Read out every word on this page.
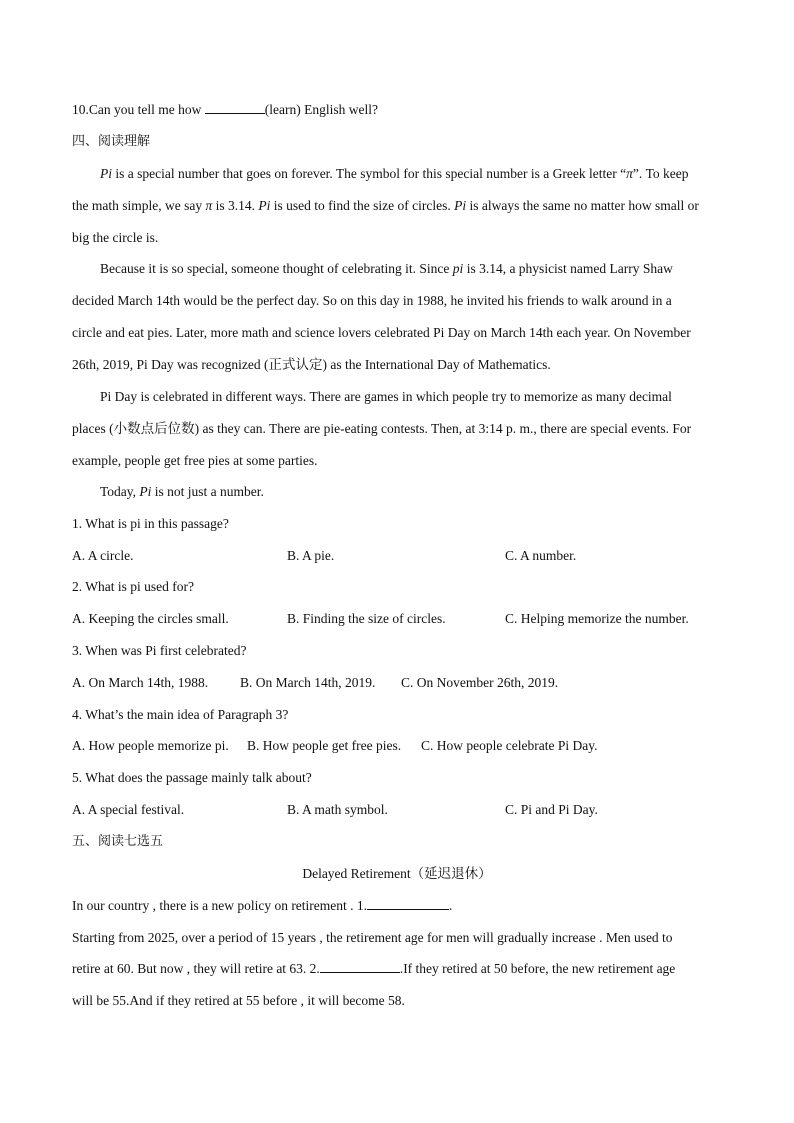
10.Can you tell me how	(learn) English well?
四、阅读理解
Pi is a special number that goes on forever. The symbol for this special number is a Greek letter “π”. To keep
the math simple, we say π is 3.14. Pi is used to find the size of circles. Pi is always the same no matter how small or
big the circle is.
Because it is so special, someone thought of celebrating it. Since pi is 3.14, a physicist named Larry Shaw
decided March 14th would be the perfect day. So on this day in 1988, he invited his friends to walk around in a
circle and eat pies. Later, more math and science lovers celebrated Pi Day on March 14th each year. On November
26th, 2019, Pi Day was recognized (正式认定) as the International Day of Mathematics.
Pi Day is celebrated in different ways. There are games in which people try to memorize as many decimal
places (小数点后位数) as they can. There are pie-eating contests. Then, at 3:14 p. m., there are special events. For
example, people get free pies at some parties.
Today, Pi is not just a number.
1. What is pi in this passage?
A. A circle.	B. A pie.	C. A number.
2. What is pi used for?
A. Keeping the circles small.	B. Finding the size of circles.	C. Helping memorize the number.
3. When was Pi first celebrated?
A. On March 14th, 1988. B. On March 14th, 2019. C. On November 26th, 2019.
4. What’s the main idea of Paragraph 3?
A. How people memorize pi. B. How people get free pies. C. How people celebrate Pi Day.
5. What does the passage mainly talk about?
A. A special festival.	B. A math symbol.	C. Pi and Pi Day.
五、阅读七选五
Delayed Retirement（延迟退休）
In our country , there is a new policy on retirement . 1.	.
Starting from 2025, over a period of 15 years , the retirement age for men will gradually increase . Men used to
retire at 60. But now , they will retire at 63. 2.	.If they retired at 50 before, the new retirement age
will be 55.And if they retired at 55 before , it will become 58.
